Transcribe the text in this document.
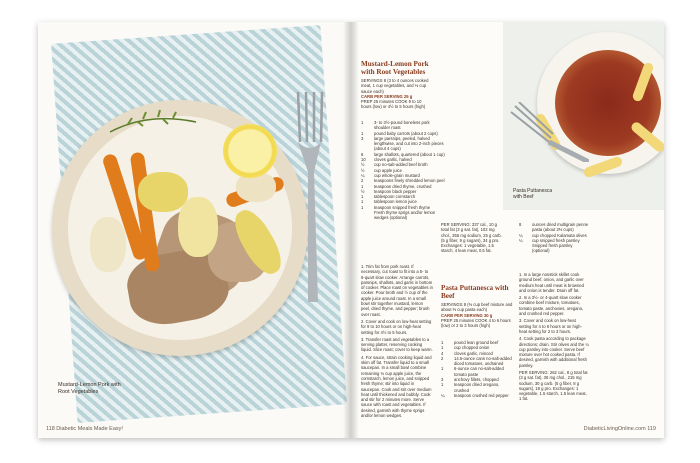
Mustard-Lemon Pork with
Root Vegetables
118 Diabetic Meals Made Easy!
Pasta Puttanesca
with Beef
Mustard-Lemon Pork with Root Vegetables
SERVINGS 8 (3 to 4 ounces cooked meat, 1 cup vegetables, and ⅓ cup sauce each)
CARB PER SERVING 25 g
PREP 25 minutes COOK 9 to 10 hours (low) or 4½ to 5 hours (high)
1	3- to 3½-pound boneless pork shoulder roast
1	pound baby carrots (about 2 cups)
3	large parsnips, peeled, halved lengthwise, and cut into 2-inch pieces (about 4 cups)
6	large shallots, quartered (about 1 cup)
10	cloves garlic, halved
½	cup no-salt-added beef broth
½	cup apple juice
¼	cup whole-grain mustard
2	teaspoons finely shredded lemon peel
1	teaspoon dried thyme, crushed
½	teaspoon black pepper
1	tablespoon cornstarch
1	tablespoon lemon juice
1	teaspoon snipped fresh thyme
Fresh thyme sprigs and/or lemon wedges (optional)
1. Trim fat from pork roast. If necessary, cut roast to fit into a 5- to 6-quart slow cooker. Arrange carrots, parsnips, shallots, and garlic in bottom of cooker. Place roast on vegetables in cooker. Pour broth and ½ cup of the apple juice around roast. In a small bowl stir together mustard, lemon peel, dried thyme, and pepper; brush over roast.
2. Cover and cook on low-heat setting for 9 to 10 hours or on high-heat setting for 4½ to 5 hours.
3. Transfer roast and vegetables to a serving platter, reserving cooking liquid. Slice roast; cover to keep warm.
4. For sauce, strain cooking liquid and skim off fat. Transfer liquid to a small saucepan. In a small bowl combine remaining ⅓ cup apple juice, the cornstarch, lemon juice, and snipped fresh thyme; stir into liquid in saucepan. Cook and stir over medium heat until thickened and bubbly. Cook and stir for 2 minutes more. Serve sauce with roast and vegetables. If desired, garnish with thyme sprigs and/or lemon wedges.
PER SERVING: 337 cal., 10 g total fat (3 g sat. fat), 102 mg chol., 355 mg sodium, 25 g carb. (5 g fiber, 9 g sugars), 34 g pro. Exchanges: 1 vegetable, 1.5 starch, 4 lean meat, 0.5 fat.
Pasta Puttanesca with Beef
SERVINGS 8 (⅔ cup beef mixture and about ⅔ cup pasta each)
CARB PER SERVING 30 g
PREP 25 minutes COOK 4 to 6 hours (low) or 2 to 3 hours (high)
1	pound lean ground beef
1	cup chopped onion
4	cloves garlic, minced
2	14.5-ounce cans no-salt-added diced tomatoes, undrained
1	6-ounce can no-salt-added tomato paste
3	anchovy fillets, chopped
1	teaspoon dried oregano, crushed
¼	teaspoon crushed red pepper
8	ounces dried multigrain penne pasta (about 2⅔ cups)
¼	cup chopped Kalamata olives
¼	cup snipped fresh parsley
Snipped fresh parsley (optional)
1. In a large nonstick skillet cook ground beef, onion, and garlic over medium heat until meat is browned and onion is tender. Drain off fat.
2. In a 3½- or 4-quart slow cooker combine beef mixture, tomatoes, tomato paste, anchovies, oregano, and crushed red pepper.
3. Cover and cook on low-heat setting for 4 to 6 hours or on high-heat setting for 2 to 3 hours.
4. Cook pasta according to package directions; drain. Stir olives and the ¼ cup parsley into cooker. Serve beef mixture over hot cooked pasta. If desired, garnish with additional fresh parsley.
PER SERVING: 262 cal., 8 g total fat (3 g sat. fat), 36 mg chol., 215 mg sodium, 30 g carb. (5 g fiber, 8 g sugars), 19 g pro. Exchanges: 1 vegetable, 1.5 starch, 1.5 lean meat, 1 fat.
DiabeticLivingOnline.com 119
